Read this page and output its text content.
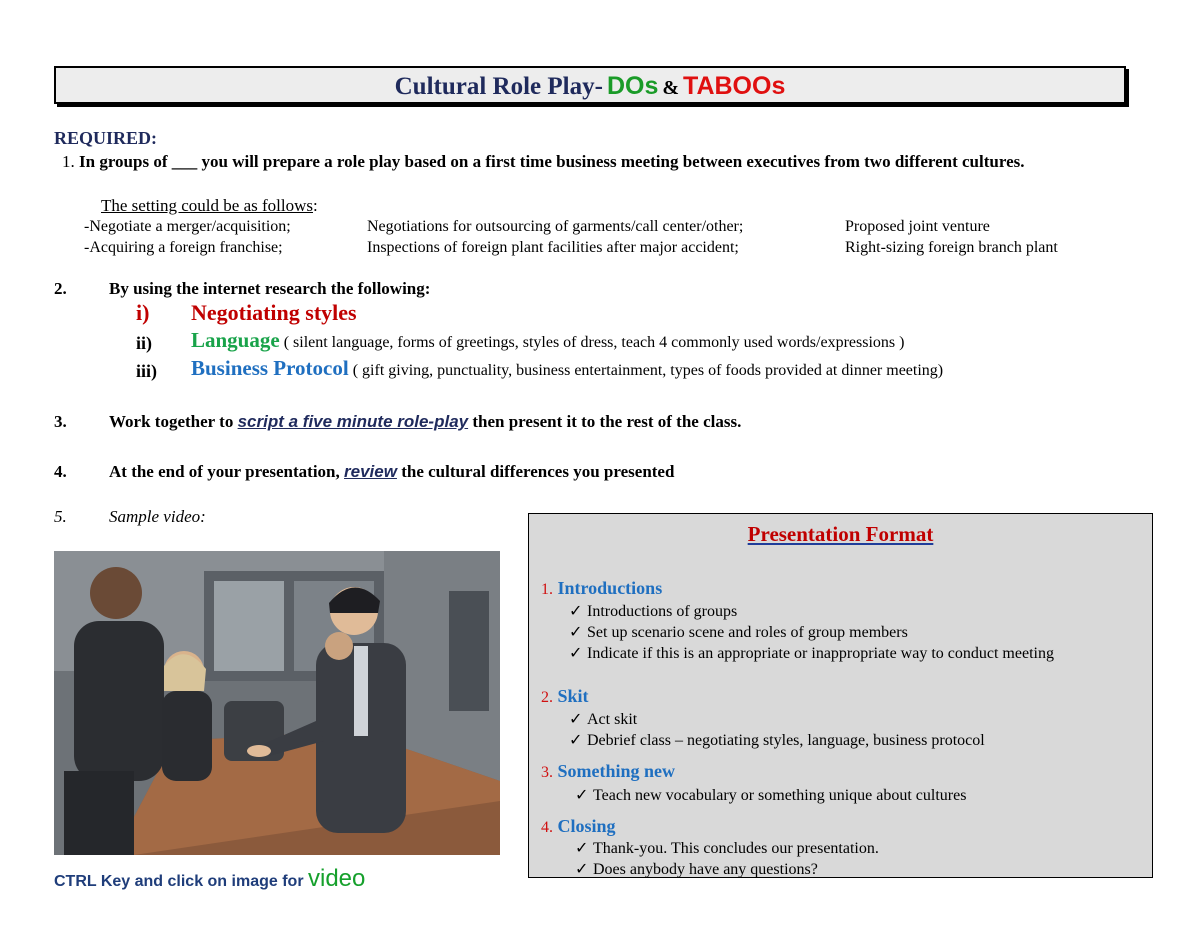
Cultural Role Play- DOs & TABOOs
REQUIRED:
1. In groups of ___ you will prepare a role play based on a first time business meeting between executives from two different cultures.
The setting could be as follows:
-Negotiate a merger/acquisition;	Negotiations for outsourcing of garments/call center/other;	Proposed joint venture
-Acquiring a foreign franchise;	Inspections of foreign plant facilities after major accident;	Right-sizing foreign branch plant
2. By using the internet research the following:
i) Negotiating styles
ii) Language ( silent language, forms of greetings, styles of dress, teach 4 commonly used words/expressions )
iii) Business Protocol ( gift giving, punctuality, business entertainment, types of foods provided at dinner meeting)
3. Work together to script a five minute role-play then present it to the rest of the class.
4. At the end of your presentation, review the cultural differences you presented
5. Sample video:
CTRL Key and click on image for video
Presentation Format
1. Introductions
✓ Introductions of groups
✓ Set up scenario scene and roles of group members
✓ Indicate if this is an appropriate or inappropriate way to conduct meeting
2. Skit
✓ Act skit
✓ Debrief class – negotiating styles, language, business protocol
3. Something new
✓ Teach new vocabulary or something unique about cultures
4. Closing
✓ Thank-you. This concludes our presentation.
✓ Does anybody have any questions?
